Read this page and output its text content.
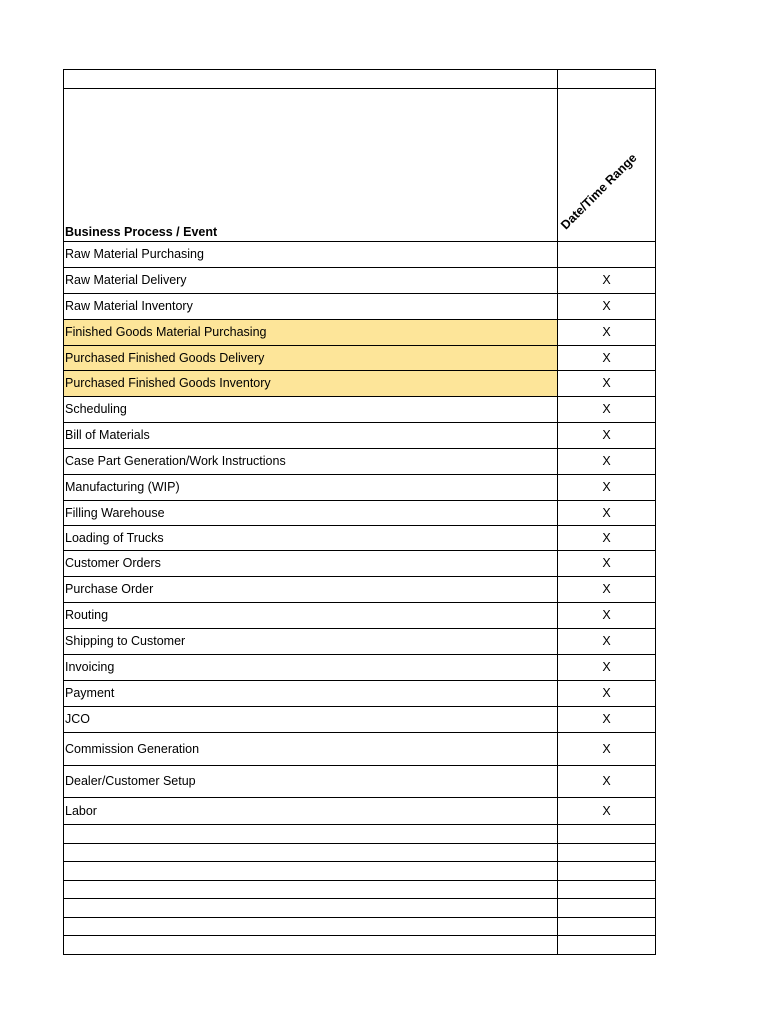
Business Process / Event	Date/Time Range

Raw Material Purchasing	
Raw Material Delivery	X
Raw Material Inventory	X
Finished Goods Material Purchasing	X
Purchased Finished Goods Delivery	X
Purchased Finished Goods Inventory	X
Scheduling	X
Bill of Materials	X
Case Part Generation/Work Instructions	X
Manufacturing (WIP)	X
Filling Warehouse	X
Loading of Trucks	X
Customer Orders	X
Purchase Order	X
Routing	X
Shipping to Customer	X
Invoicing	X
Payment	X
JCO	X
Commission Generation	X
Dealer/Customer Setup	X
Labor	X
